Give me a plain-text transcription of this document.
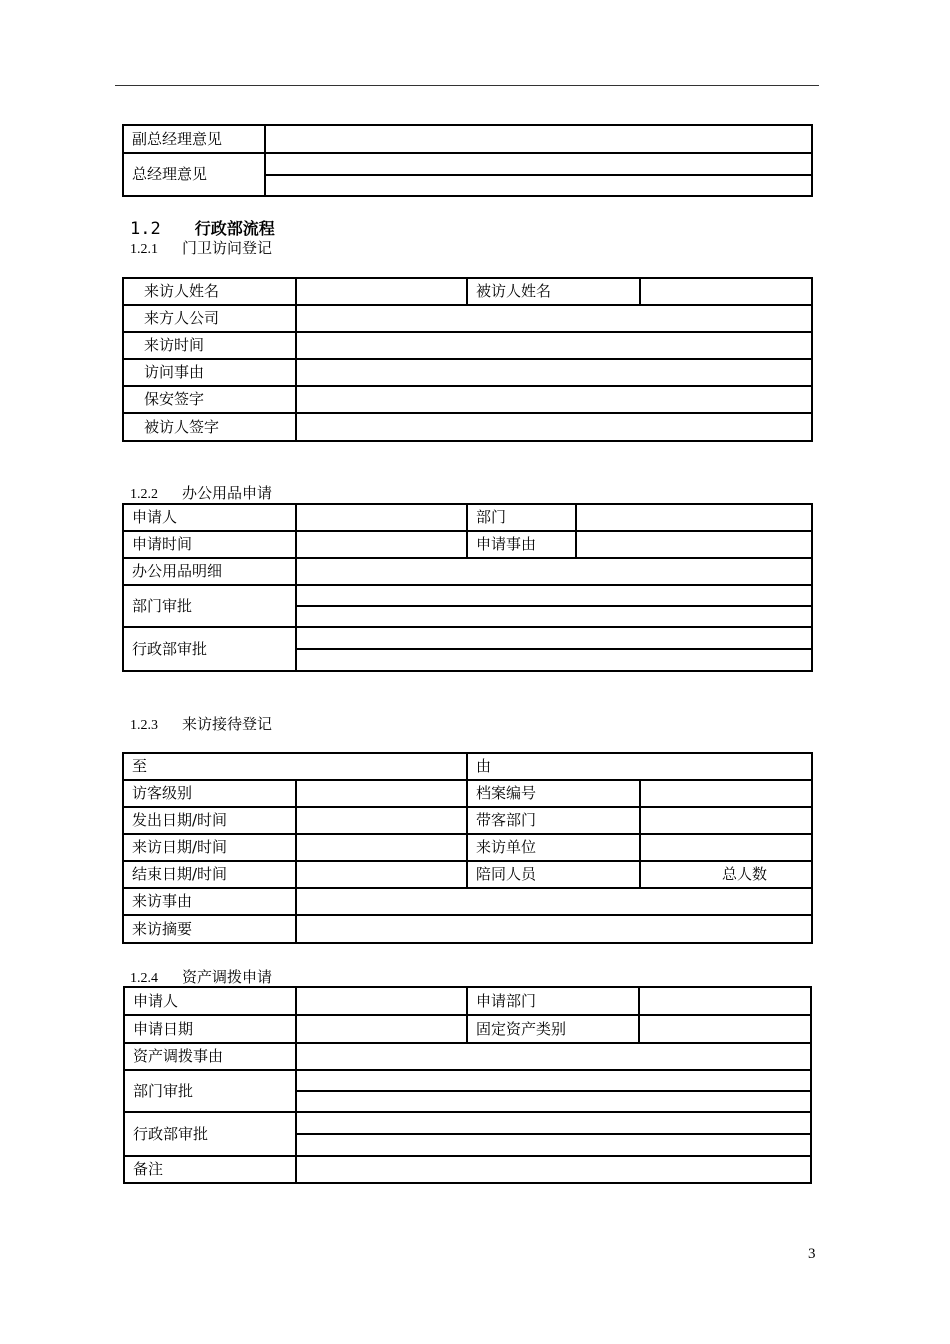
副总经理意见	
总经理意见	

1.2 行政部流程
1.2.1 门卫访问登记
来访人姓名		被访人姓名	
来方人公司			
来访时间			
访问事由			
保安签字			
被访人签字			
1.2.2 办公用品申请
申请人		部门	
申请时间		申请事由	
办公用品明细			
部门审批			

行政部审批			

1.2.3 来访接待登记
至		由	
访客级别		档案编号	
发出日期/时间		带客部门	
来访日期/时间		来访单位	
结束日期/时间		陪同人员	总人数
来访事由			
来访摘要			
1.2.4 资产调拨申请
申请人		申请部门	
申请日期		固定资产类别	
资产调拨事由			
部门审批			

行政部审批			

备注			
3
